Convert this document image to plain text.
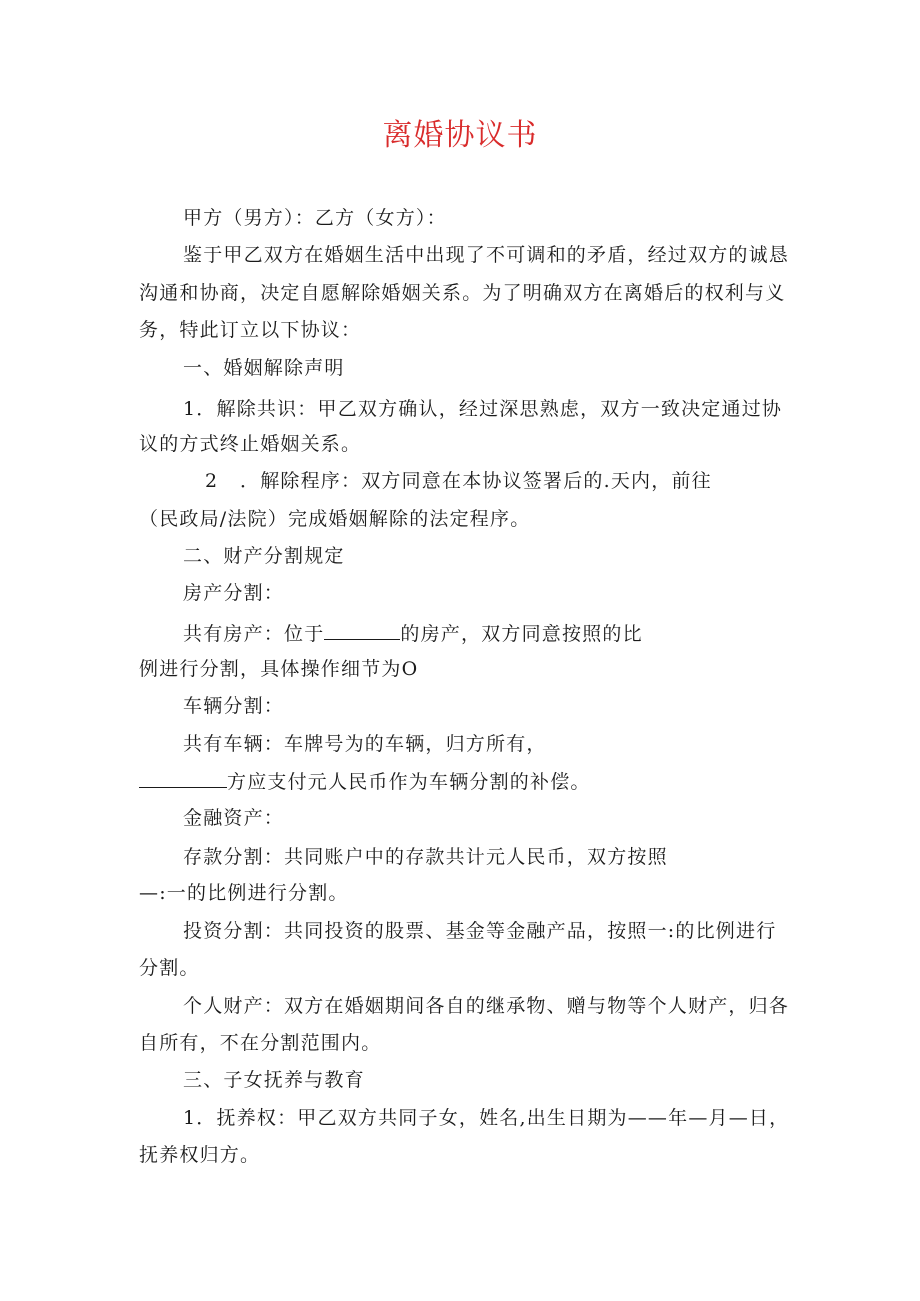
离婚协议书
甲方（男方）：乙方（女方）：
鉴于甲乙双方在婚姻生活中出现了不可调和的矛盾，经过双方的诚恳
沟通和协商，决定自愿解除婚姻关系。为了明确双方在离婚后的权利与义
务，特此订立以下协议：
一、婚姻解除声明
1．解除共识：甲乙双方确认，经过深思熟虑，双方一致决定通过协
议的方式终止婚姻关系。
2 ．解除程序：双方同意在本协议签署后的.天内，前往
（民政局/法院）完成婚姻解除的法定程序。
二、财产分割规定
房产分割：
共有房产：位于	的房产，双方同意按照的比
例进行分割，具体操作细节为O
车辆分割：
共有车辆：车牌号为的车辆，归方所有，
方应支付元人民币作为车辆分割的补偿。
金融资产：
存款分割：共同账户中的存款共计元人民币，双方按照
—:一的比例进行分割。
投资分割：共同投资的股票、基金等金融产品，按照一:的比例进行
分割。
个人财产：双方在婚姻期间各自的继承物、赠与物等个人财产，归各
自所有，不在分割范围内。
三、子女抚养与教育
1．抚养权：甲乙双方共同子女，姓名,出生日期为——年—月—日，
抚养权归方。
